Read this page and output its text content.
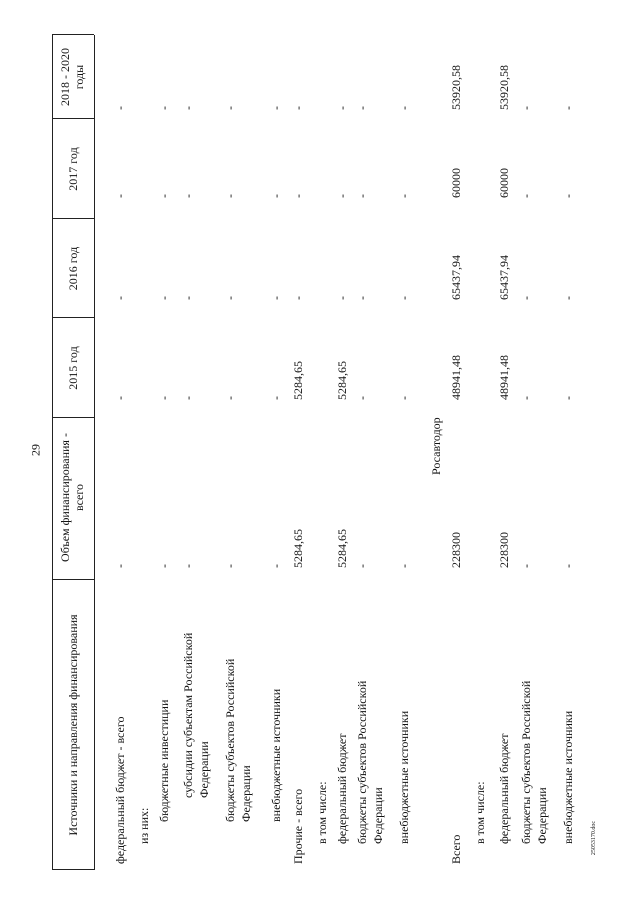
29
25053170.doc
Источники и направления финансирования
Объем финансирования - всего
2015 год
2016 год
2017 год
2018 - 2020 годы
федеральный бюджет - всего из них:
бюджетные инвестиции субсидии субъектам Российской Федерации бюджеты субъектов Российской Федерации внебюджетные источники
Прочие - всего в том числе: федеральный бюджет бюджеты субъектов Российской Федерации внебюджетные источники
Росавтодор
Всего
в том числе: федеральный бюджет бюджеты субъектов Российской Федерации внебюджетные источники
-
-
-
-
-
-
-
-
-
-
-
-
-
-
-
-
-
-
-
-
-
-
-
-
-
5284,65
5284,65
-
-
-
5284,65
5284,65
-
-
-
-
-
-
-
-
-
-
-
-
-
228300
48941,48
65437,94
60000
53920,58
228300
48941,48
65437,94
60000
53920,58
-
-
-
-
-
-
-
-
-
-
